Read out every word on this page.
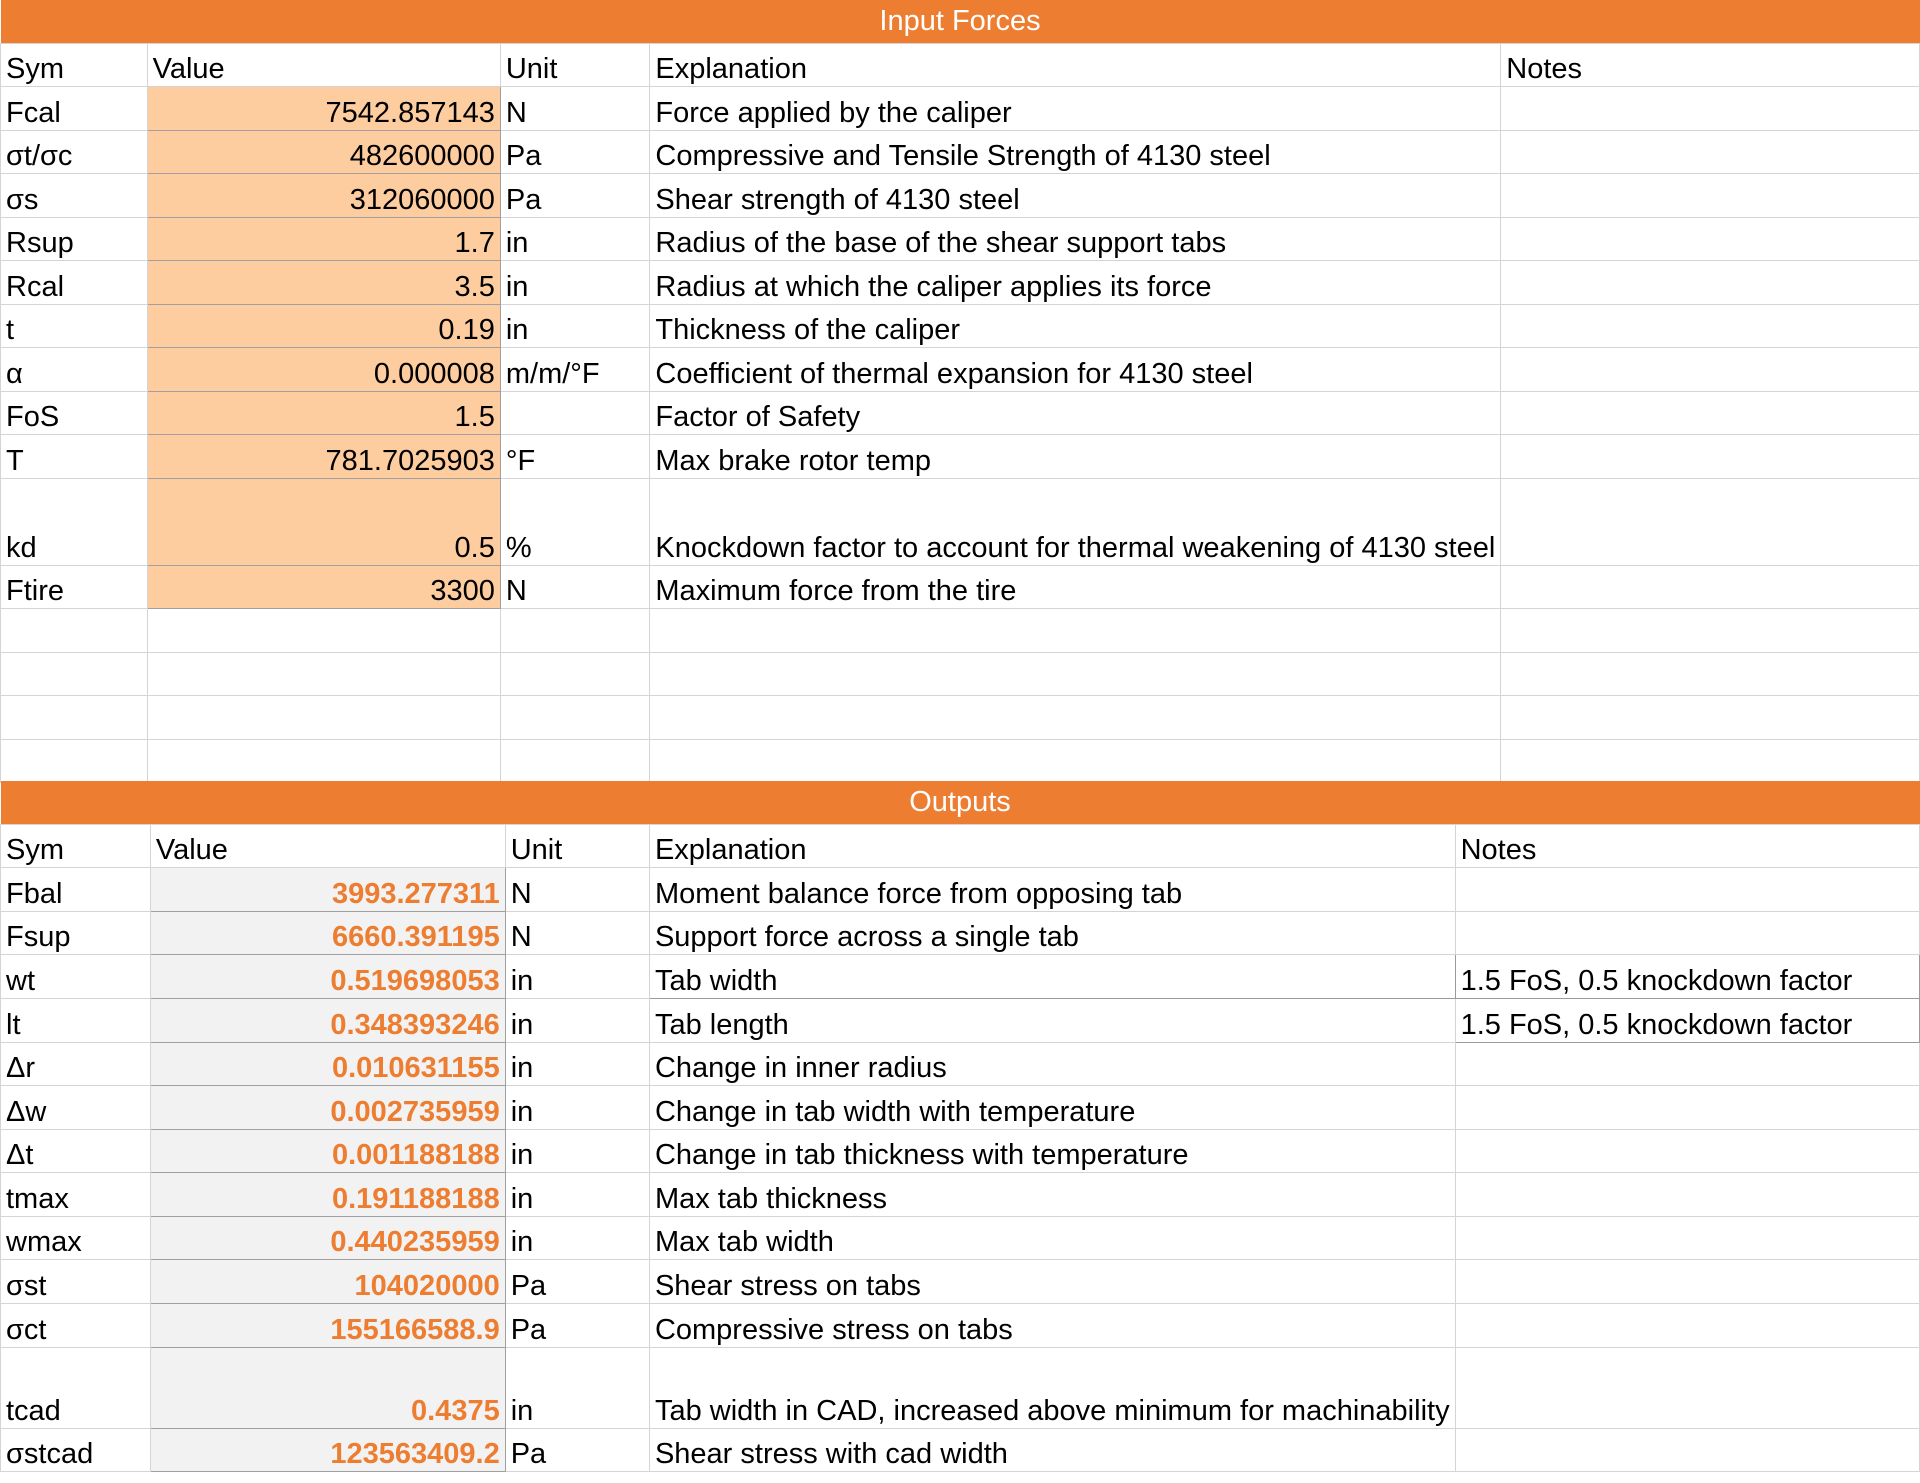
Input Forces				
Sym	Value	Unit	Explanation	Notes
Fcal	7542.857143	N	Force applied by the caliper	
σt/σc	482600000	Pa	Compressive and Tensile Strength of 4130 steel	
σs	312060000	Pa	Shear strength of 4130 steel	
Rsup	1.7	in	Radius of the base of the shear support tabs	
Rcal	3.5	in	Radius at which the caliper applies its force	
t	0.19	in	Thickness of the caliper	
α	0.000008	m/m/°F	Coefficient of thermal expansion for 4130 steel	
FoS	1.5		Factor of Safety	
T	781.7025903	°F	Max brake rotor temp	
kd	0.5	%	Knockdown factor to account for thermal weakening of 4130 steel	
Ftire	3300	N	Maximum force from the tire	

Outputs				
Sym	Value	Unit	Explanation	Notes
Fbal	3993.277311	N	Moment balance force from opposing tab	
Fsup	6660.391195	N	Support force across a single tab	
wt	0.519698053	in	Tab width	1.5 FoS, 0.5 knockdown factor
lt	0.348393246	in	Tab length	1.5 FoS, 0.5 knockdown factor
Δr	0.010631155	in	Change in inner radius	
Δw	0.002735959	in	Change in tab width with temperature	
Δt	0.001188188	in	Change in tab thickness with temperature	
tmax	0.191188188	in	Max tab thickness	
wmax	0.440235959	in	Max tab width	
σst	104020000	Pa	Shear stress on tabs	
σct	155166588.9	Pa	Compressive stress on tabs	
tcad	0.4375	in	Tab width in CAD, increased above minimum for machinability	
σstcad	123563409.2	Pa	Shear stress with cad width	
